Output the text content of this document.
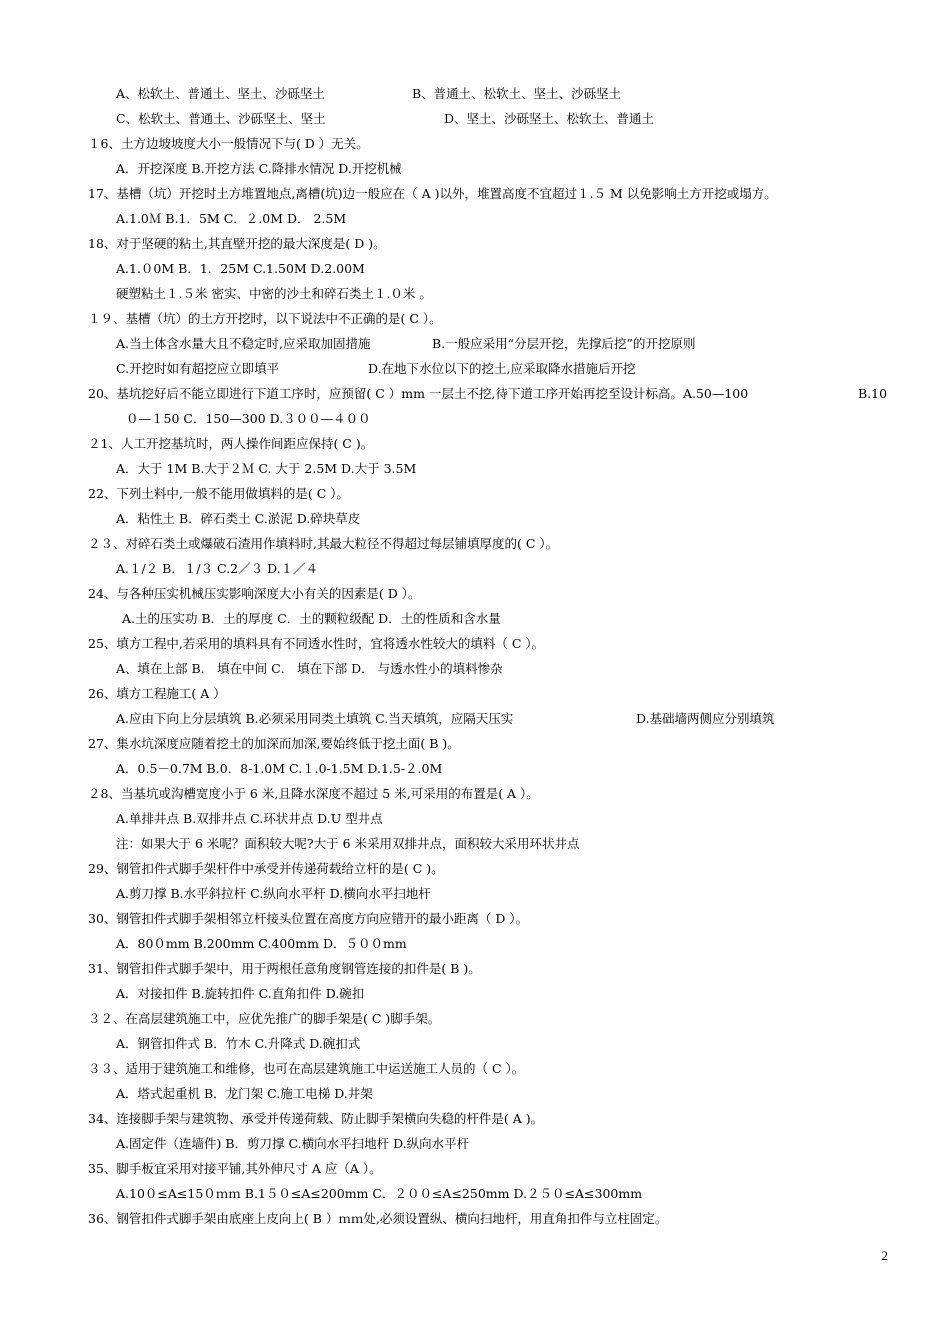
A、松软土、普通土、坚土、沙砾坚土	B、普通土、松软土、坚土、沙砾坚土
C、松软土、普通土、沙砾坚土、坚土	D、坚土、沙砾坚土、松软土、普通土
１6、土方边坡坡度大小一般情况下与( D ）无关。
A．开挖深度 B.开挖方法 C.降排水情况 D.开挖机械
17、基槽（坑）开挖时土方堆置地点,离槽(坑)边一般应在（ A )以外，堆置高度不宜超过１.５ M 以免影响土方开挖或塌方。
A.1.0Ｍ B.1．5M C．２.0M D． 2.5M
18、对于坚硬的粘土,其直壁开挖的最大深度是( D )。
A.1.０0M B．1．25M C.1.50M D.2.00M
硬塑粘土１.５米 密实、中密的沙土和碎石类土１.０米 。
１９、基槽（坑）的土方开挖时，以下说法中不正确的是( C ）。
A.当土体含水量大且不稳定时,应采取加固措施	B.一般应采用“分层开挖，先撑后挖”的开挖原则
C.开挖时如有超挖应立即填平	D.在地下水位以下的挖土,应采取降水措施后开挖
20、基坑挖好后不能立即进行下道工序时，应预留( C ）mm 一层土不挖,待下道工序开始再挖至设计标高。A.50—100	B.10
０—１50 C．150—300 D.３００—４００
２1、人工开挖基坑时，两人操作间距应保持( C )。
A．大于 1M B.大于２Ｍ C. 大于 2.5M D.大于 3.5M
22、下列土料中,一般不能用做填料的是( C ）。
A．粘性土 B．碎石类土 C.淤泥 D.碎块草皮
２３、对碎石类土或爆破石渣用作填料时,其最大粒径不得超过每层铺填厚度的( C ）。
A.１/２ B．１/３ C.2／３ D.１／４
24、与各种压实机械压实影响深度大小有关的因素是( D ）。
A.土的压实功 B．土的厚度 C．土的颗粒级配 D．土的性质和含水量
25、填方工程中,若采用的填料具有不同透水性时，宜将透水性较大的填料（ C ）。
A、填在上部 B． 填在中间 C． 填在下部 D． 与透水性小的填料惨杂
26、填方工程施工( A ）
A.应由下向上分层填筑 B.必须采用同类土填筑 C.当天填筑，应隔天压实	D.基础墙两侧应分别填筑
27、集水坑深度应随着挖土的加深而加深,要始终低于挖土面( B )。
A．0.5－0.7M B.0．8-1.0M C.１.0-1.5M D.1.5-２.0M
２8、当基坑或沟槽宽度小于 6 米,且降水深度不超过 5 米,可采用的布置是( A ）。
A.单排井点 B.双排井点 C.环状井点 D.U 型井点
注：如果大于 6 米呢？面积较大呢?大于 6 米采用双排井点，面积较大采用环状井点
29、钢管扣件式脚手架杆件中承受并传递荷载给立杆的是( C )。
A.剪刀撑 B.水平斜拉杆 C.纵向水平杆 D.横向水平扫地杆
30、钢管扣件式脚手架相邻立杆接头位置在高度方向应错开的最小距离（ D ）。
A．80０mm B.200mm C.400mm D．５００mm
31、钢管扣件式脚手架中，用于两根任意角度钢管连接的扣件是( B )。
A．对接扣件 B.旋转扣件 C.直角扣件 D.碗扣
３２、在高层建筑施工中，应优先推广的脚手架是( C )脚手架。
A．钢管扣件式 B．竹木 C.升降式 D.碗扣式
３３、适用于建筑施工和维修，也可在高层建筑施工中运送施工人员的（ C ）。
A．塔式起重机 B．龙门架 C.施工电梯 D.井架
34、连接脚手架与建筑物、承受并传递荷载、防止脚手架横向失稳的杆件是( A )。
A.固定件（连墙件) B．剪刀撑 C.横向水平扫地杆 D.纵向水平杆
35、脚手板宜采用对接平铺,其外伸尺寸 A 应（A ）。
A.10０≤A≤15０ｍｍ B.1５０≤A≤200mm C．２００≤A≤250mm D.２５０≤A≤300mm
36、钢管扣件式脚手架由底座上皮向上( B ）ｍｍ处,必须设置纵、横向扫地杆，用直角扣件与立柱固定。
2
